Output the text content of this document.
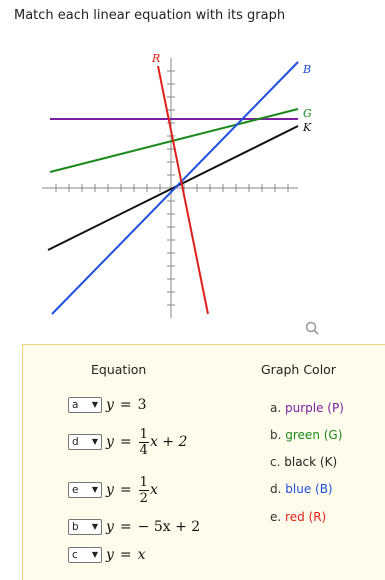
Match each linear equation with its graph
R
B
G
K
Equation	Graph Color
a ▼ y = 3
d ▼ $y = \frac{1}{4}$ x + 2
e ▼ $y = \frac{1}{2}$ x
b ▼ y = − 5x + 2
c ▼ y = x
a. purple (P)
b. green (G)
c. black (K)
d. blue (B)
e. red (R)
